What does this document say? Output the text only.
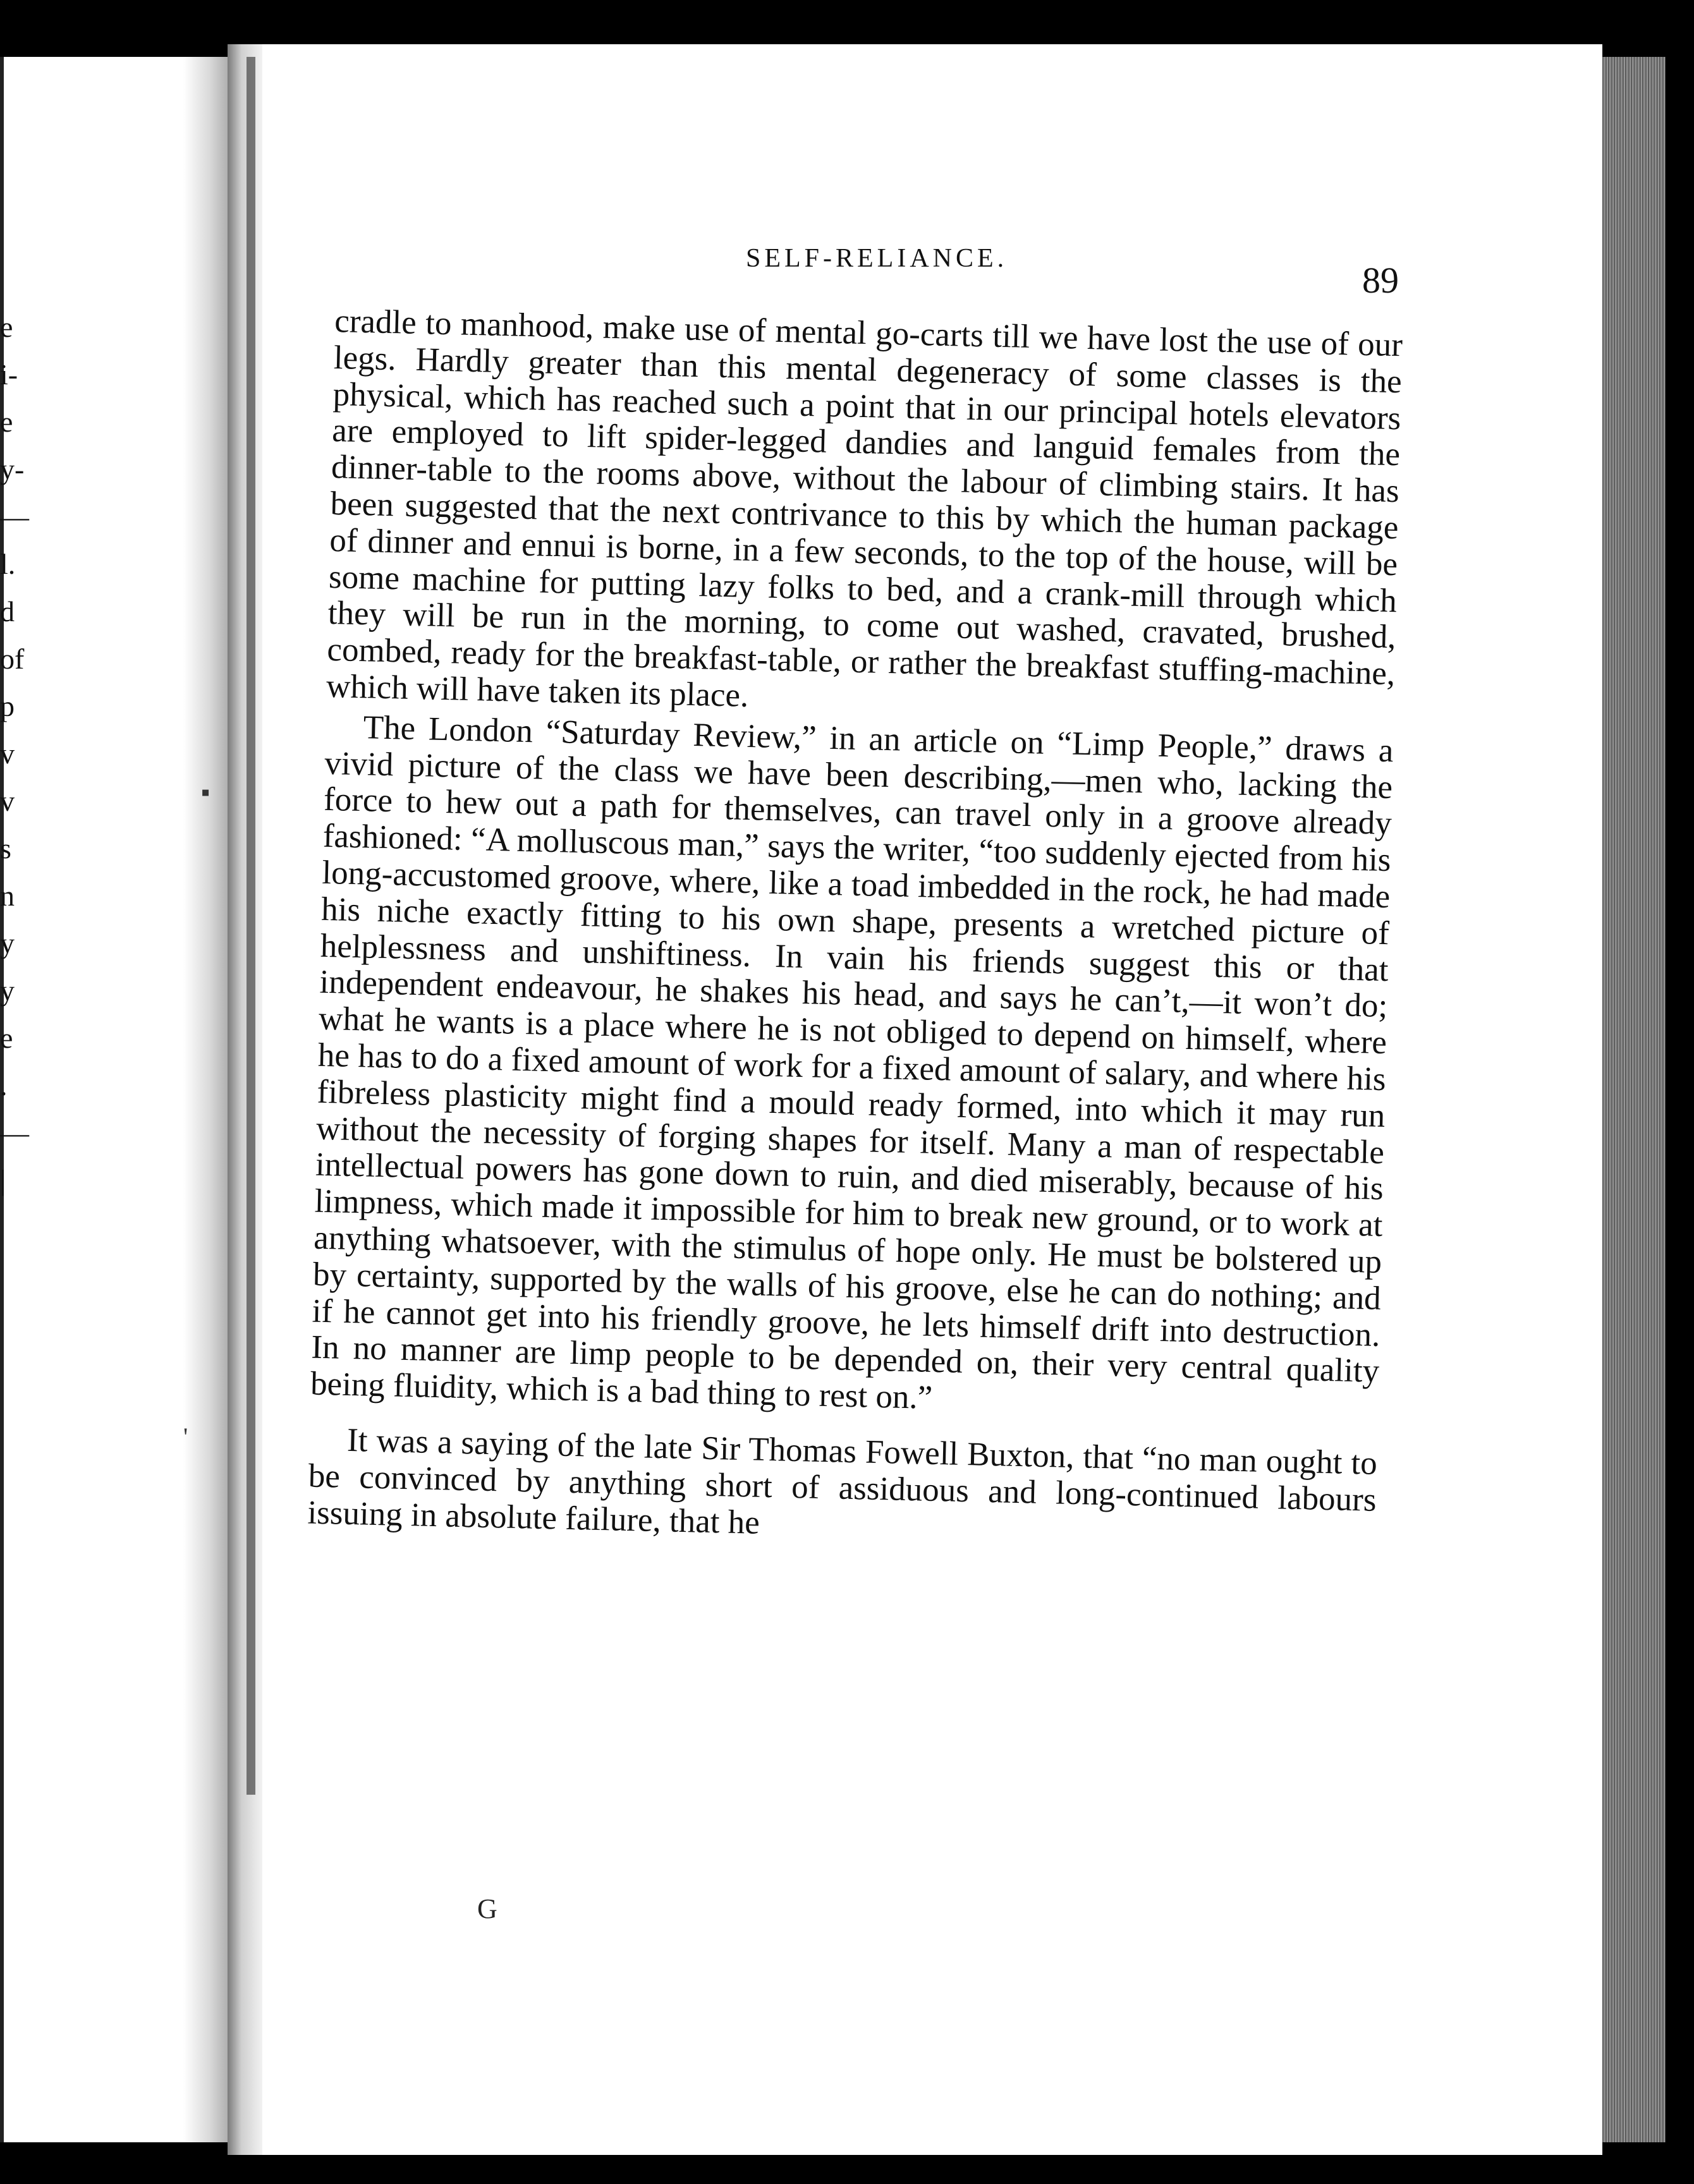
e
i-
e
y-
—
l.
d
of
p
v
v
s
n
y
y
e
.
—
|
SELF-RELIANCE.
89

cradle to manhood, make use of mental go-carts till we have lost the use of our legs. Hardly greater than this mental degeneracy of some classes is the physical, which has reached such a point that in our principal hotels elevators are employed to lift spider-legged dandies and languid females from the dinner-table to the rooms above, without the labour of climbing stairs. It has been suggested that the next contrivance to this by which the human package of dinner and ennui is borne, in a few seconds, to the top of the house, will be some machine for putting lazy folks to bed, and a crank-mill through which they will be run in the morning, to come out washed, cravated, brushed, combed, ready for the breakfast-table, or rather the breakfast stuffing-machine, which will have taken its place.

The London “Saturday Review,” in an article on “Limp People,” draws a vivid picture of the class we have been describing,—men who, lacking the force to hew out a path for themselves, can travel only in a groove already fashioned: “A molluscous man,” says the writer, “too suddenly ejected from his long-accustomed groove, where, like a toad imbedded in the rock, he had made his niche exactly fitting to his own shape, presents a wretched picture of helplessness and unshiftiness. In vain his friends suggest this or that independent endeavour, he shakes his head, and says he can’t,—it won’t do; what he wants is a place where he is not obliged to depend on himself, where he has to do a fixed amount of work for a fixed amount of salary, and where his fibreless plasticity might find a mould ready formed, into which it may run without the necessity of forging shapes for itself. Many a man of respectable intellectual powers has gone down to ruin, and died miserably, because of his limpness, which made it impossible for him to break new ground, or to work at anything whatsoever, with the stimulus of hope only. He must be bolstered up by certainty, supported by the walls of his groove, else he can do nothing; and if he cannot get into his friendly groove, he lets himself drift into destruction. In no manner are limp people to be depended on, their very central quality being fluidity, which is a bad thing to rest on.”

It was a saying of the late Sir Thomas Fowell Buxton, that “no man ought to be convinced by anything short of assiduous and long-continued labours issuing in absolute failure, that he

G
▪
'
